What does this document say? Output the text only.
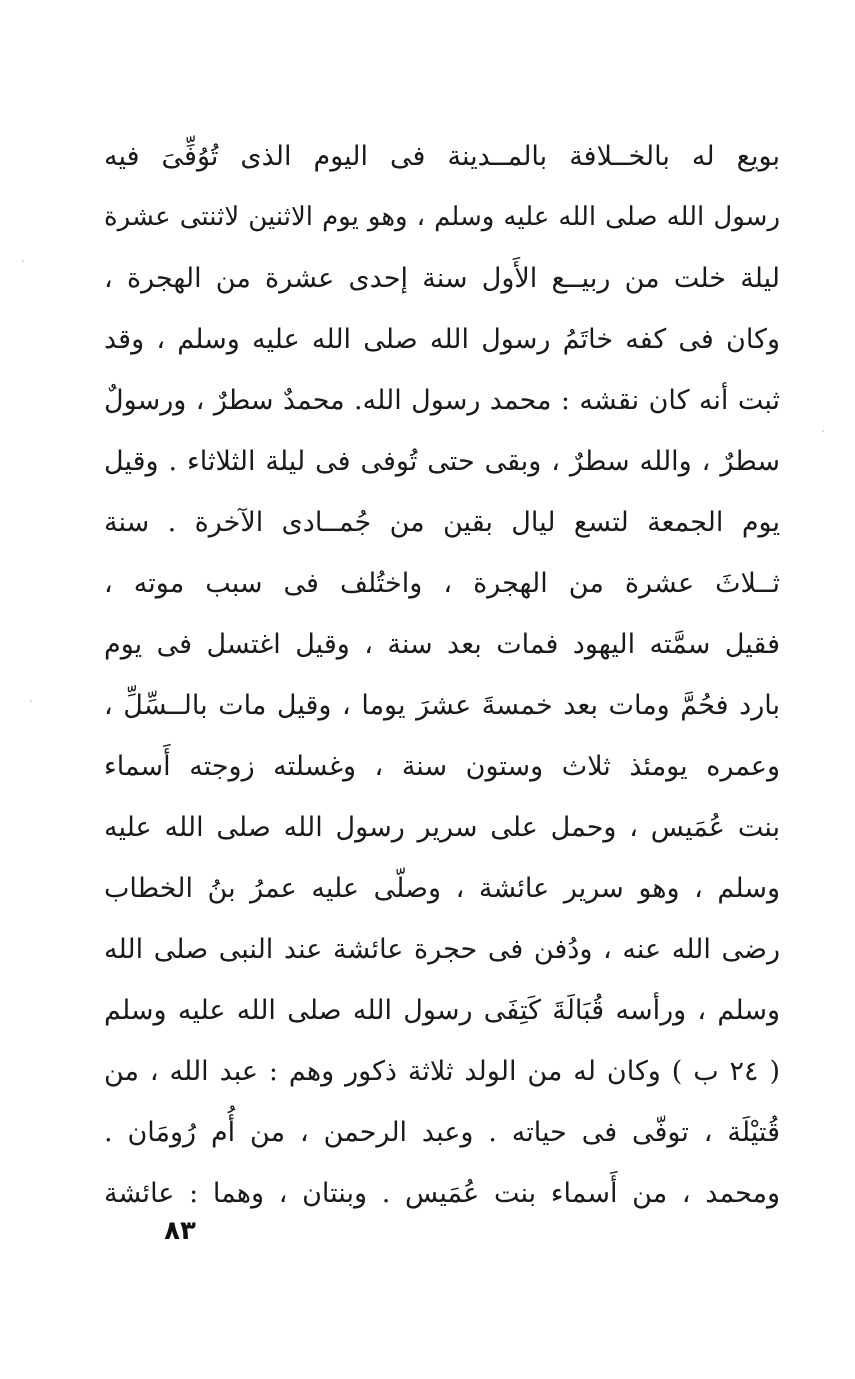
بويع له بالخــلافة بالمــدينة فى اليوم الذى تُوُفِّىَ فيه
رسول الله صلى الله عليه وسلم ، وهو يوم الاثنين لاثنتى عشرة
ليلة خلت من ربيــع الأَول سنة إحدى عشرة من الهجرة ،
وكان فى كفه خاتَمُ رسول الله صلى الله عليه وسلم ، وقد
ثبت أنه كان نقشه : محمد رسول الله. محمدٌ سطرٌ ، ورسولٌ
سطرٌ ، والله سطرٌ ، وبقى حتى تُوفى فى ليلة الثلاثاء . وقيل
يوم الجمعة لتسع ليال بقين من جُمــادى الآخرة . سنة
ثــلاثَ عشرة من الهجرة ، واختُلف فى سبب موته ،
فقيل سمَّته اليهود فمات بعد سنة ، وقيل اغتسل فى يوم
بارد فحُمَّ ومات بعد خمسةَ عشرَ يوما ، وقيل مات بالــسِّلِّ ،
وعمره يومئذ ثلاث وستون سنة ، وغسلته زوجته أَسماء
بنت عُمَيس ، وحمل على سرير رسول الله صلى الله عليه
وسلم ، وهو سرير عائشة ، وصلّى عليه عمرُ بنُ الخطاب
رضى الله عنه ، ودُفن فى حجرة عائشة عند النبى صلى الله
وسلم ، ورأسه قُبَالَةَ كَتِفَى رسول الله صلى الله عليه وسلم
( ٢٤ ب ) وكان له من الولد ثلاثة ذكور وهم : عبد الله ، من
قُتيْلَة ، توفّى فى حياته . وعبد الرحمن ، من أُم رُومَان .
ومحمد ، من أَسماء بنت عُمَيس . وبنتان ، وهما : عائشة
٨٣
